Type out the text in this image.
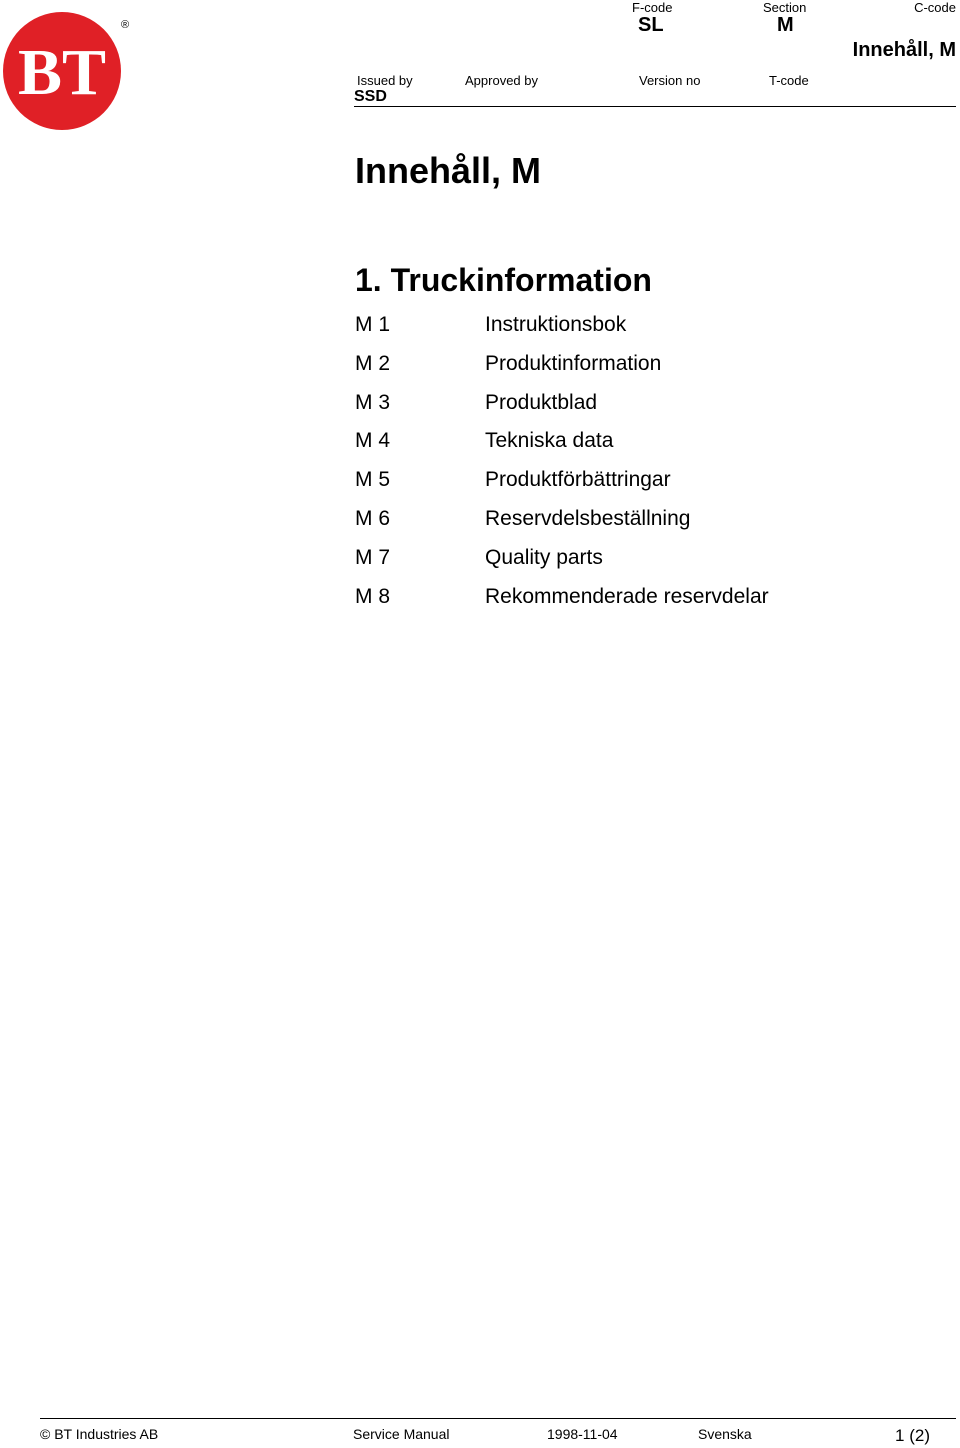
BT
®
F-code
SL
Section
M
C-code
Innehåll, M
Issued by
SSD
Approved by	Version no	T-code
Innehåll, M
1. Truckinformation
M 1	Instruktionsbok
M 2	Produktinformation
M 3	Produktblad
M 4	Tekniska data
M 5	Produktförbättringar
M 6	Reservdelsbeställning
M 7	Quality parts
M 8	Rekommenderade reservdelar
© BT Industries AB	Service Manual	1998-11-04	Svenska	1 (2)
